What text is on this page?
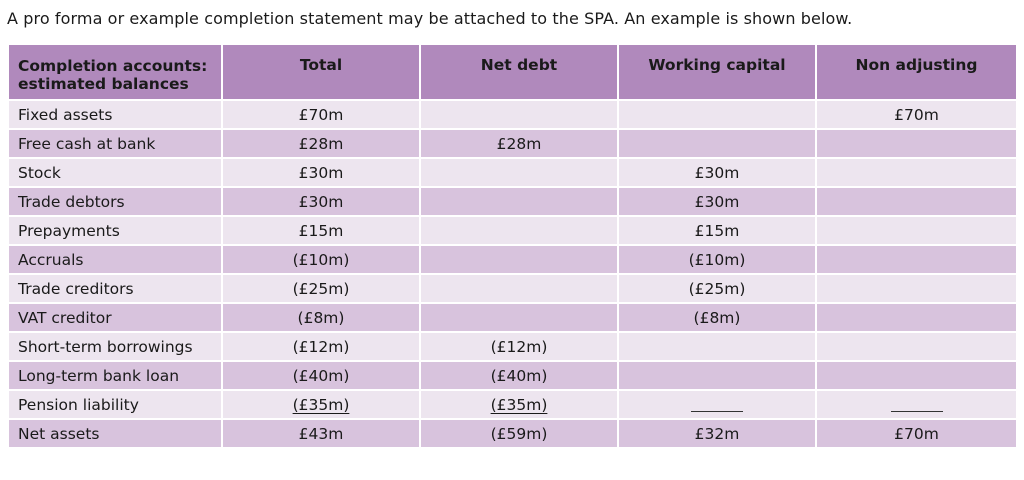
A pro forma or example completion statement may be attached to the SPA. An example is shown below.
Completion accounts:
estimated balances	Total	Net debt	Working capital	Non adjusting
Fixed assets	£70m			£70m
Free cash at bank	£28m	£28m		
Stock	£30m		£30m	
Trade debtors	£30m		£30m	
Prepayments	£15m		£15m	
Accruals	(£10m)		(£10m)	
Trade creditors	(£25m)		(£25m)	
VAT creditor	(£8m)		(£8m)	
Short-term borrowings	(£12m)	(£12m)		
Long-term bank loan	(£40m)	(£40m)		
Pension liability	(£35m)	(£35m)		
Net assets	£43m	(£59m)	£32m	£70m
